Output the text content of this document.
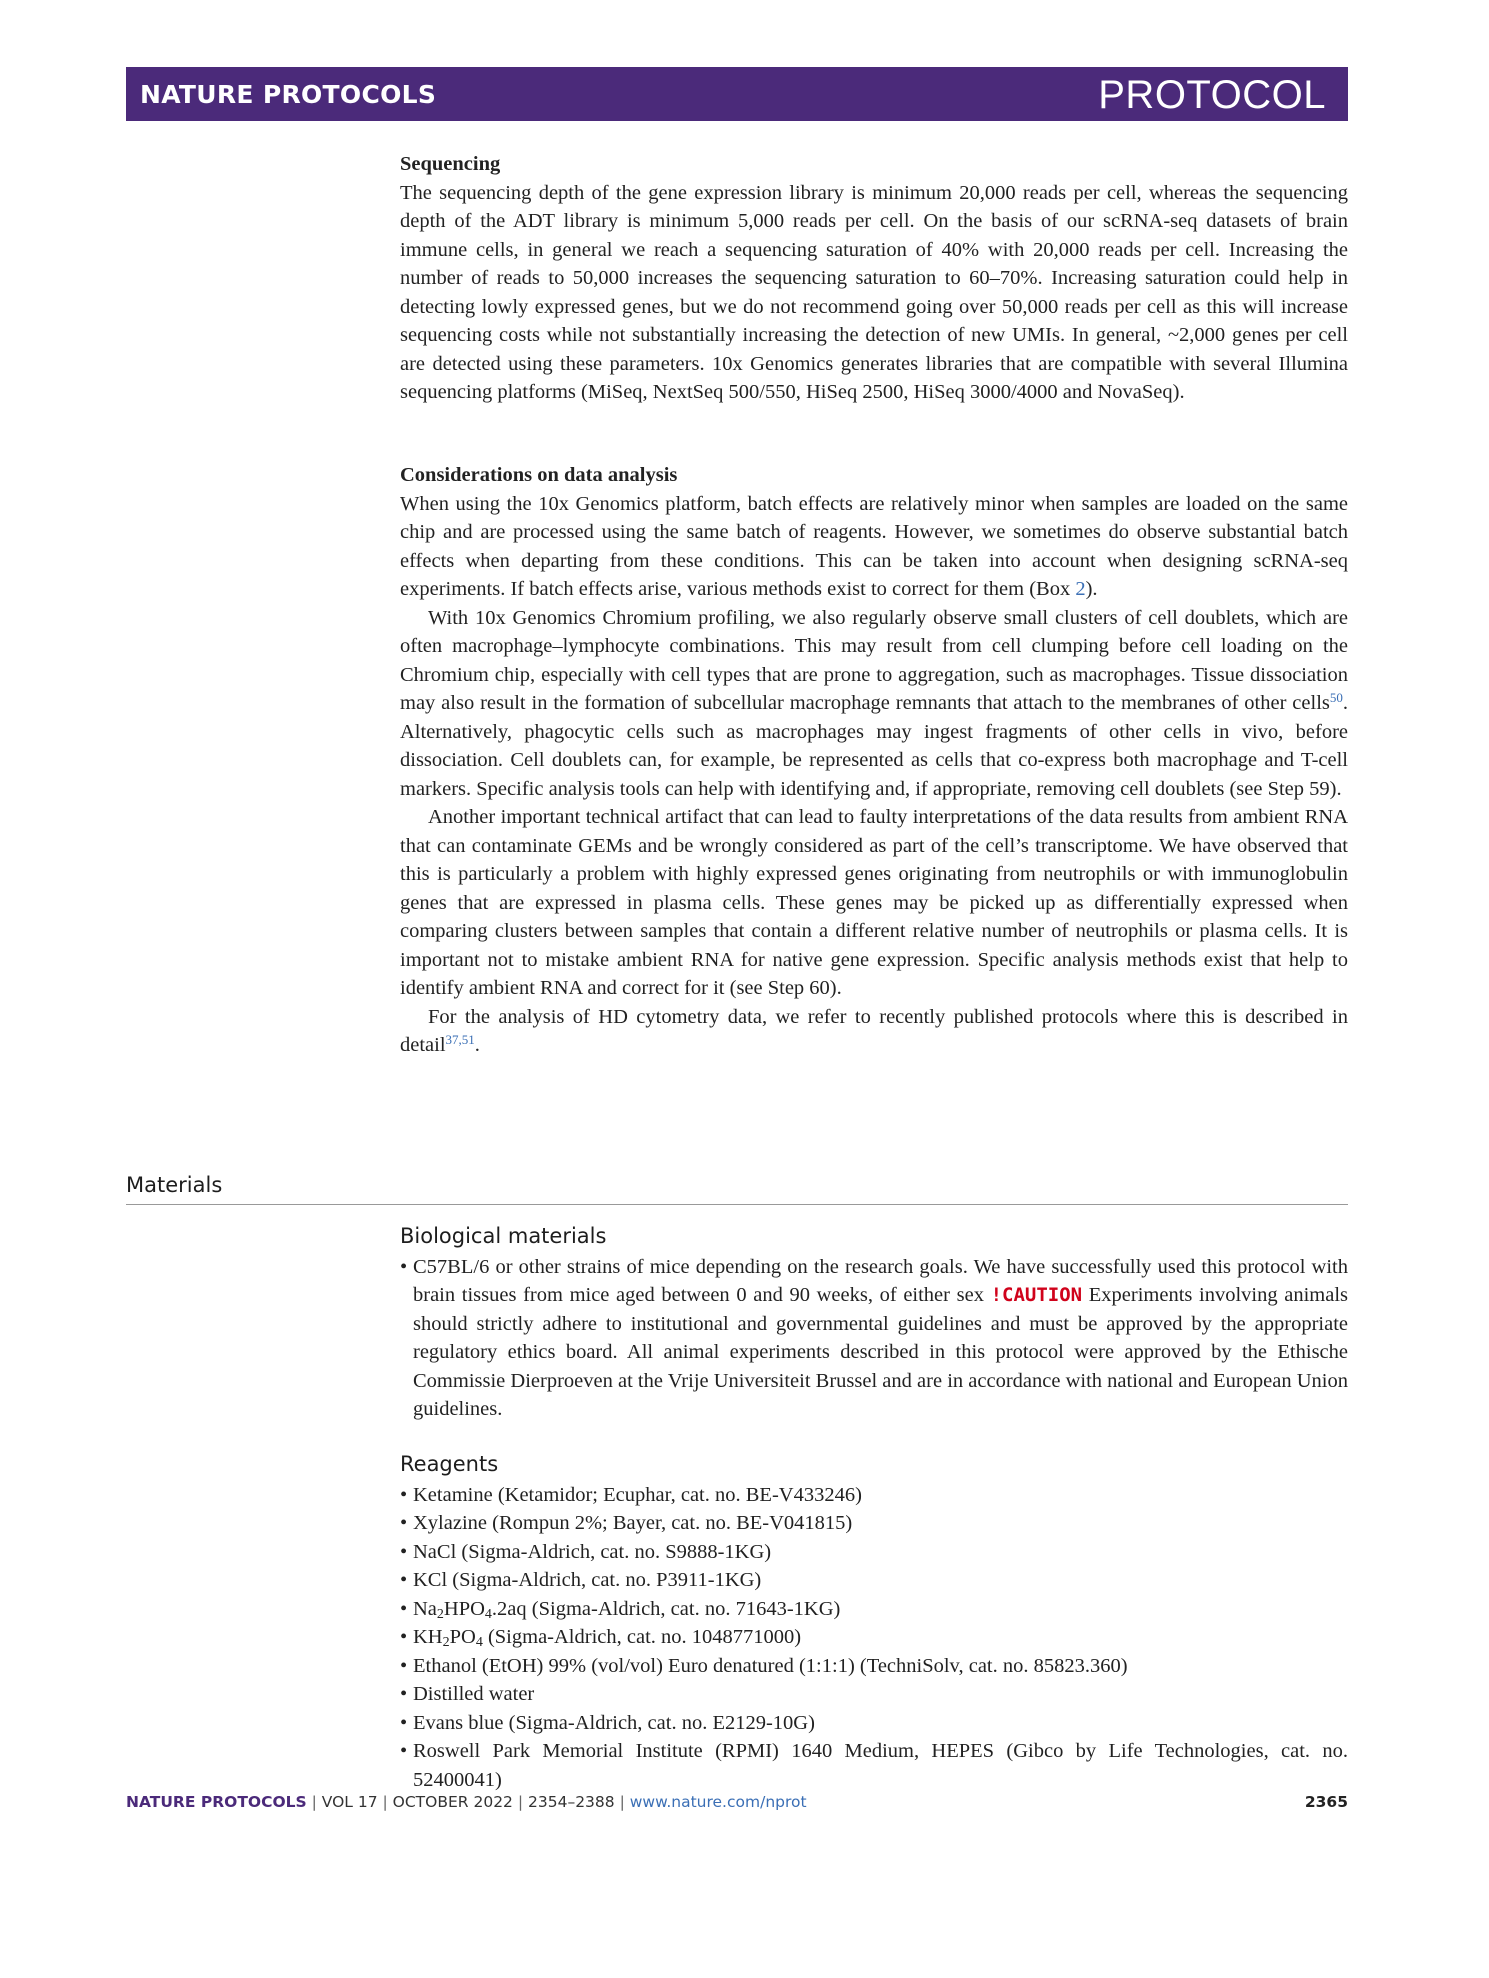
NATURE PROTOCOLS	PROTOCOL

Sequencing

The sequencing depth of the gene expression library is minimum 20,000 reads per cell, whereas the sequencing depth of the ADT library is minimum 5,000 reads per cell. On the basis of our scRNA-seq datasets of brain immune cells, in general we reach a sequencing saturation of 40% with 20,000 reads per cell. Increasing the number of reads to 50,000 increases the sequencing saturation to 60–70%. Increasing saturation could help in detecting lowly expressed genes, but we do not recommend going over 50,000 reads per cell as this will increase sequencing costs while not substantially increasing the detection of new UMIs. In general, ~2,000 genes per cell are detected using these parameters. 10x Genomics generates libraries that are compatible with several Illumina sequencing platforms (MiSeq, NextSeq 500/550, HiSeq 2500, HiSeq 3000/4000 and NovaSeq).

Considerations on data analysis

When using the 10x Genomics platform, batch effects are relatively minor when samples are loaded on the same chip and are processed using the same batch of reagents. However, we sometimes do observe substantial batch effects when departing from these conditions. This can be taken into account when designing scRNA-seq experiments. If batch effects arise, various methods exist to correct for them (Box 2).

With 10x Genomics Chromium profiling, we also regularly observe small clusters of cell doublets, which are often macrophage–lymphocyte combinations. This may result from cell clumping before cell loading on the Chromium chip, especially with cell types that are prone to aggregation, such as macrophages. Tissue dissociation may also result in the formation of subcellular macrophage remnants that attach to the membranes of other cells$^{50}$. Alternatively, phagocytic cells such as macrophages may ingest fragments of other cells in vivo, before dissociation. Cell doublets can, for example, be represented as cells that co-express both macrophage and T-cell markers. Specific analysis tools can help with identifying and, if appropriate, removing cell doublets (see Step 59).

Another important technical artifact that can lead to faulty interpretations of the data results from ambient RNA that can contaminate GEMs and be wrongly considered as part of the cell’s transcriptome. We have observed that this is particularly a problem with highly expressed genes originating from neutrophils or with immunoglobulin genes that are expressed in plasma cells. These genes may be picked up as differentially expressed when comparing clusters between samples that contain a different relative number of neutrophils or plasma cells. It is important not to mistake ambient RNA for native gene expression. Specific analysis methods exist that help to identify ambient RNA and correct for it (see Step 60).

For the analysis of HD cytometry data, we refer to recently published protocols where this is described in detail$^{37,51}$.

Materials

Biological materials

• C57BL/6 or other strains of mice depending on the research goals. We have successfully used this protocol with brain tissues from mice aged between 0 and 90 weeks, of either sex !CAUTION Experiments involving animals should strictly adhere to institutional and governmental guidelines and must be approved by the appropriate regulatory ethics board. All animal experiments described in this protocol were approved by the Ethische Commissie Dierproeven at the Vrije Universiteit Brussel and are in accordance with national and European Union guidelines.

Reagents

• Ketamine (Ketamidor; Ecuphar, cat. no. BE-V433246)
• Xylazine (Rompun 2%; Bayer, cat. no. BE-V041815)
• NaCl (Sigma-Aldrich, cat. no. S9888-1KG)
• KCl (Sigma-Aldrich, cat. no. P3911-1KG)
• $Na_2HPO_4.2aq$ (Sigma-Aldrich, cat. no. 71643-1KG)
• $KH_2PO_4$ (Sigma-Aldrich, cat. no. 1048771000)
• Ethanol (EtOH) 99% (vol/vol) Euro denatured (1:1:1) (TechniSolv, cat. no. 85823.360)
• Distilled water
• Evans blue (Sigma-Aldrich, cat. no. E2129-10G)
• Roswell Park Memorial Institute (RPMI) 1640 Medium, HEPES (Gibco by Life Technologies, cat. no. 52400041)
NATURE PROTOCOLS | VOL 17 | OCTOBER 2022 | 2354–2388 | www.nature.com/nprot	2365
